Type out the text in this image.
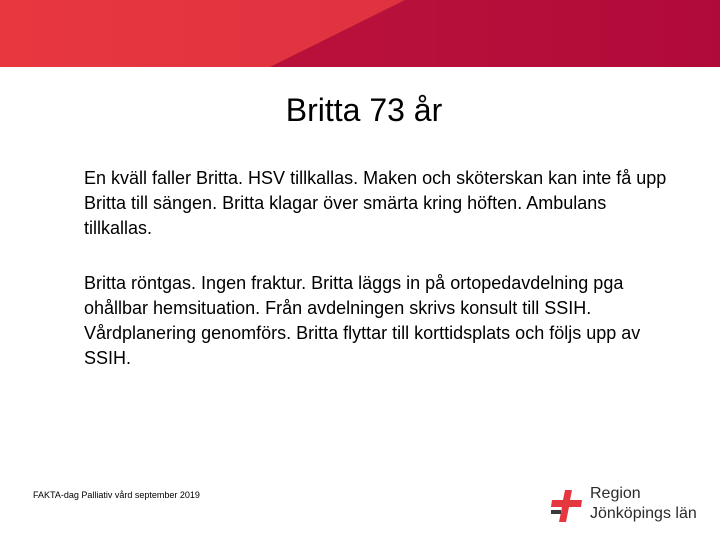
Britta 73 år

En kväll faller Britta. HSV tillkallas. Maken och sköterskan kan inte få upp Britta till sängen. Britta klagar över smärta kring höften. Ambulans tillkallas.

Britta röntgas. Ingen fraktur. Britta läggs in på ortopedavdelning pga ohållbar hemsituation. Från avdelningen skrivs konsult till SSIH. Vårdplanering genomförs. Britta flyttar till korttidsplats och följs upp av SSIH.

FAKTA-dag Palliativ vård september 2019	Region
Jönköpings län
